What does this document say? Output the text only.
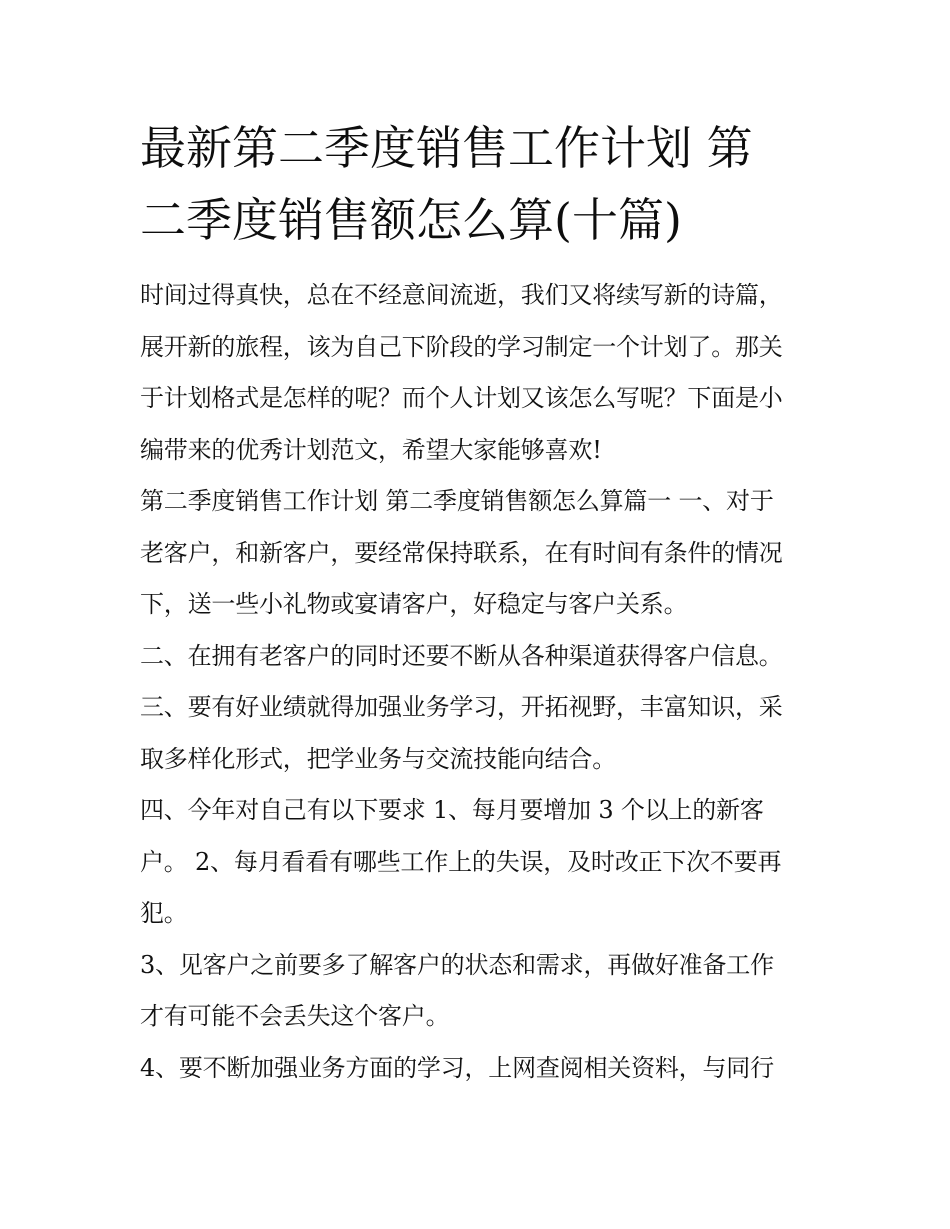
最新第二季度销售工作计划 第
二季度销售额怎么算(十篇)

时间过得真快，总在不经意间流逝，我们又将续写新的诗篇，
展开新的旅程，该为自己下阶段的学习制定一个计划了。那关
于计划格式是怎样的呢？而个人计划又该怎么写呢？下面是小
编带来的优秀计划范文，希望大家能够喜欢!

第二季度销售工作计划 第二季度销售额怎么算篇一 一、对于
老客户，和新客户，要经常保持联系，在有时间有条件的情况
下，送一些小礼物或宴请客户，好稳定与客户关系。

二、在拥有老客户的同时还要不断从各种渠道获得客户信息。

三、要有好业绩就得加强业务学习，开拓视野，丰富知识，采
取多样化形式，把学业务与交流技能向结合。

四、今年对自己有以下要求 1、每月要增加 3 个以上的新客
户。 2、每月看看有哪些工作上的失误，及时改正下次不要再
犯。

3、见客户之前要多了解客户的状态和需求，再做好准备工作
才有可能不会丢失这个客户。

4、要不断加强业务方面的学习，上网查阅相关资料，与同行
